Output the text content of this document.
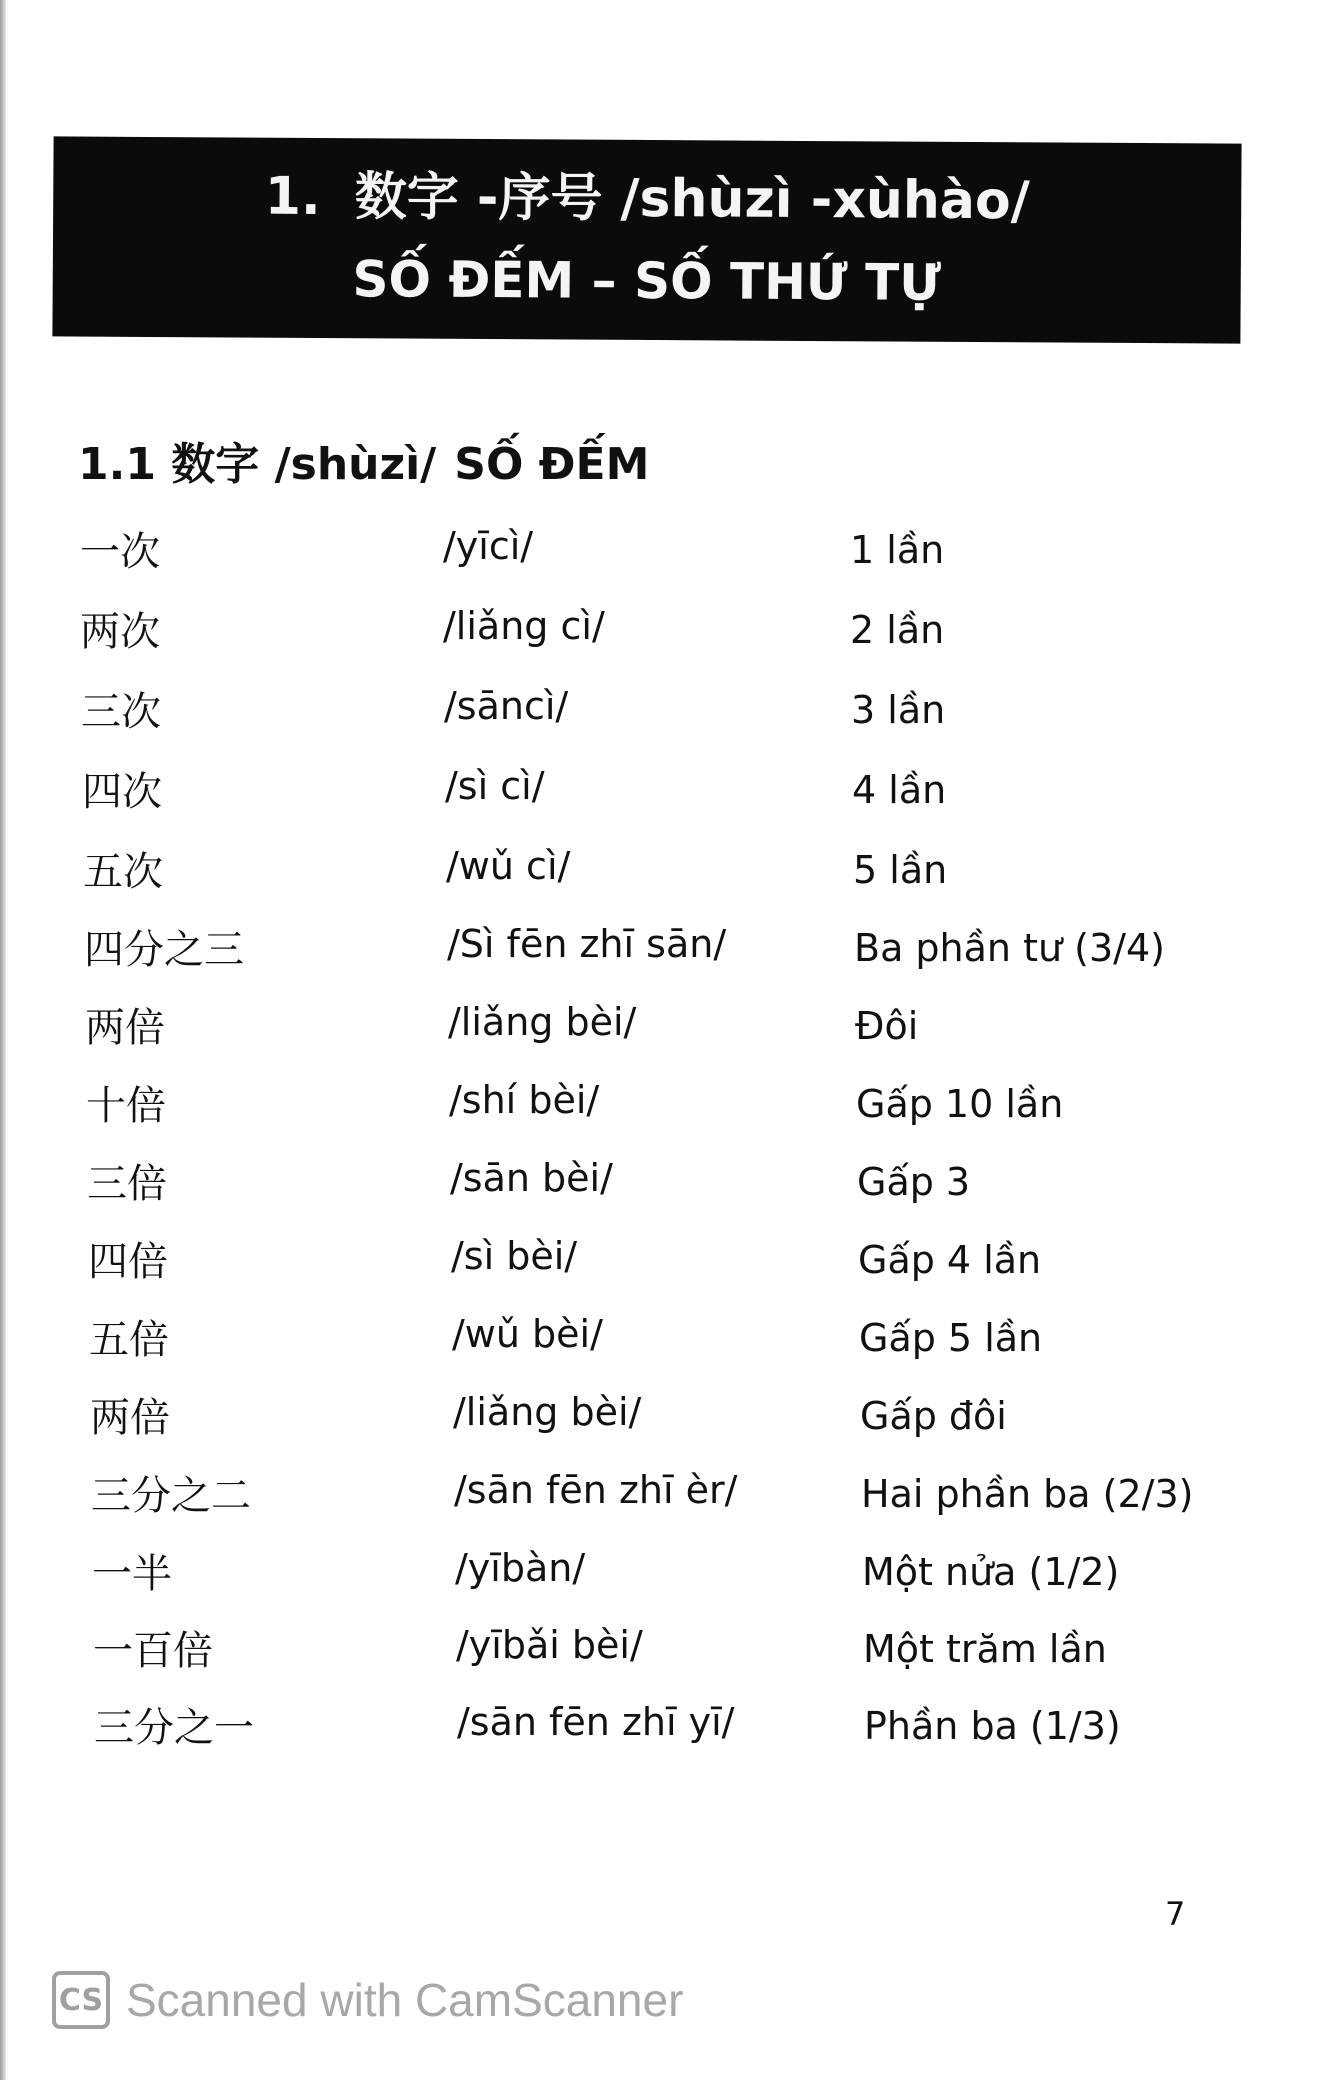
1. 数字 -序号 /shùzì -xùhào/
SỐ ĐẾM – SỐ THỨ TỰ
1.1 数字 /shùzì/ SỐ ĐẾM
一次	/yīcì/	1 lần
两次	/liǎng cì/	2 lần
三次	/sāncì/	3 lần
四次	/sì cì/	4 lần
五次	/wǔ cì/	5 lần
四分之三	/Sì fēn zhī sān/	Ba phần tư (3/4)
两倍	/liǎng bèi/	Đôi
十倍	/shí bèi/	Gấp 10 lần
三倍	/sān bèi/	Gấp 3
四倍	/sì bèi/	Gấp 4 lần
五倍	/wǔ bèi/	Gấp 5 lần
两倍	/liǎng bèi/	Gấp đôi
三分之二	/sān fēn zhī èr/	Hai phần ba (2/3)
一半	/yībàn/	Một nửa (1/2)
一百倍	/yībǎi bèi/	Một trăm lần
三分之一	/sān fēn zhī yī/	Phần ba (1/3)
7
CS Scanned with CamScanner
